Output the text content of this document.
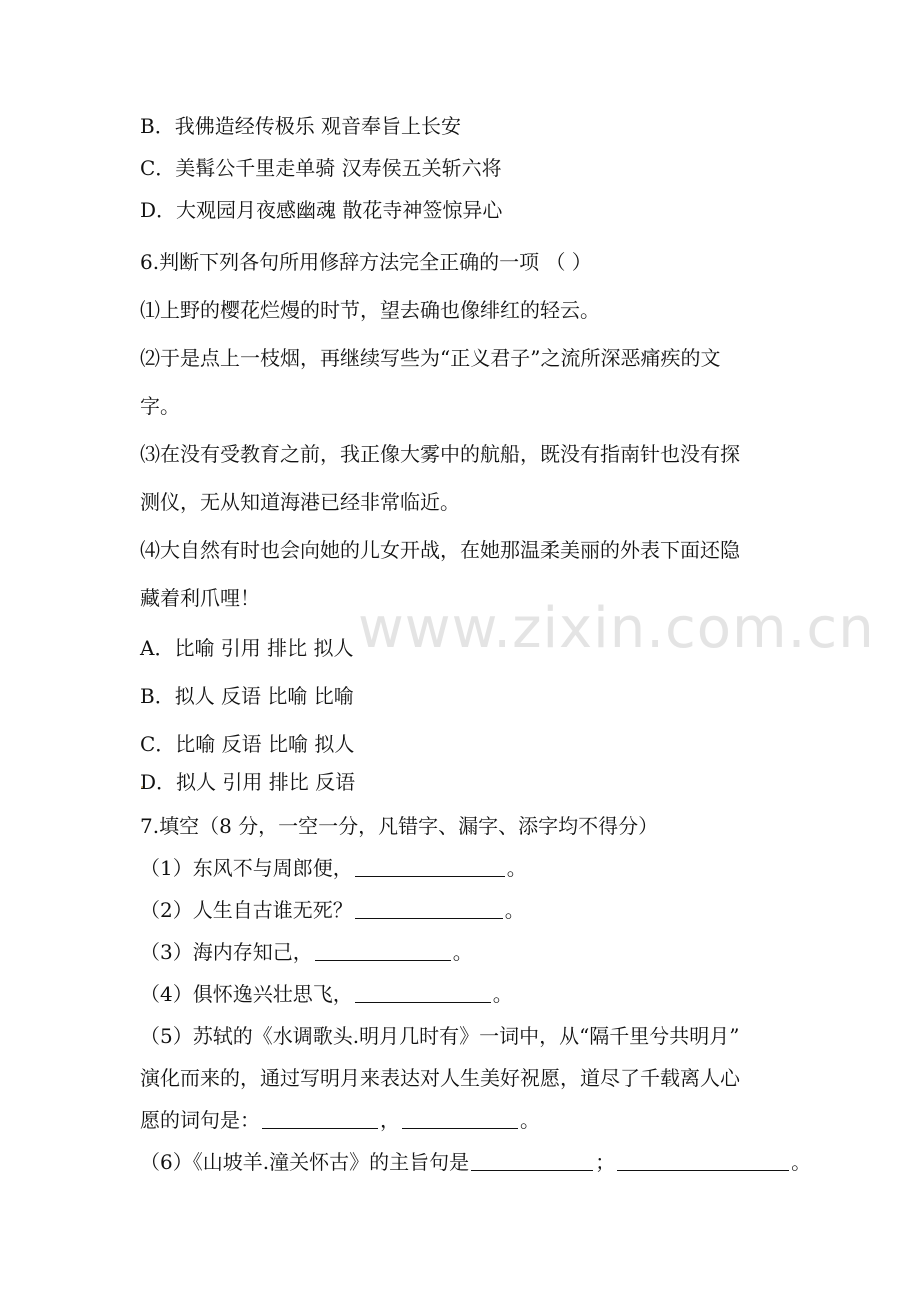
www.zixin.com.cn
B．我佛造经传极乐 观音奉旨上长安
C．美髯公千里走单骑 汉寿侯五关斩六将
D．大观园月夜感幽魂 散花寺神签惊异心
6.判断下列各句所用修辞方法完全正确的一项 （ ）
⑴上野的樱花烂熳的时节，望去确也像绯红的轻云。
⑵于是点上一枝烟，再继续写些为“正义君子”之流所深恶痛疾的文
字。
⑶在没有受教育之前，我正像大雾中的航船，既没有指南针也没有探
测仪，无从知道海港已经非常临近。
⑷大自然有时也会向她的儿女开战，在她那温柔美丽的外表下面还隐
藏着利爪哩！
A．比喻 引用 排比 拟人
B．拟人 反语 比喻 比喻
C．比喻 反语 比喻 拟人
D．拟人 引用 排比 反语
7.填空（8 分，一空一分，凡错字、漏字、添字均不得分）
（1）东风不与周郎便，	。
（2）人生自古谁无死？	。
（3）海内存知己，	。
（4）俱怀逸兴壮思飞，	。
（5）苏轼的《水调歌头.明月几时有》一词中，从“隔千里兮共明月”
演化而来的，通过写明月来表达对人生美好祝愿，道尽了千载离人心
愿的词句是：	，	。
（6）《山坡羊.潼关怀古》的主旨句是	；	。
